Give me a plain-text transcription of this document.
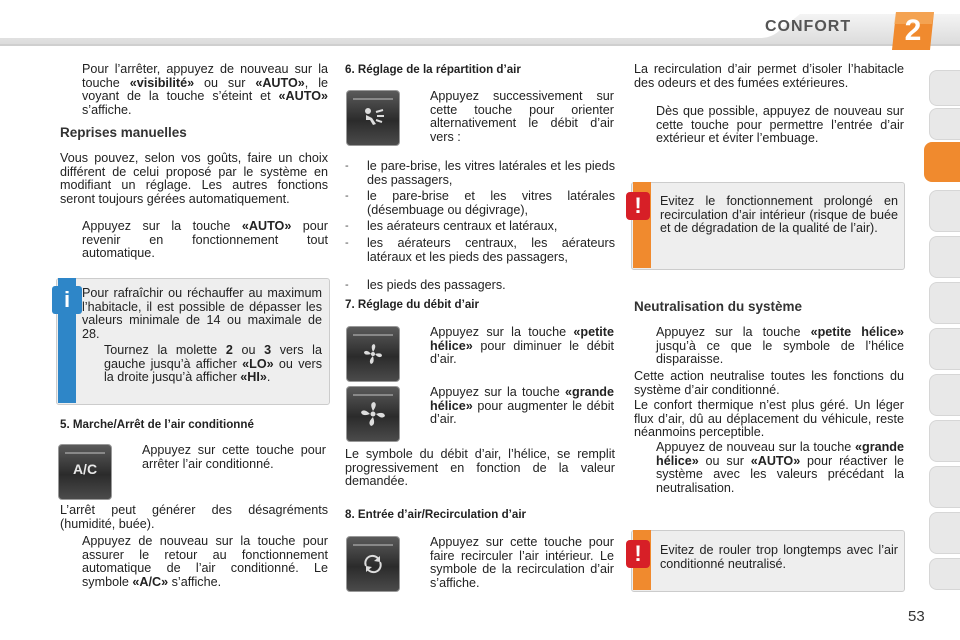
CONFORT	2
Pour l’arrêter, appuyez de nouveau sur la touche «visibilité» ou sur «AUTO», le voyant de la touche s’éteint et «AUTO» s’affiche.
Reprises manuelles
Vous pouvez, selon vos goûts, faire un choix différent de celui proposé par le système en modifiant un réglage. Les autres fonctions seront toujours gérées automatiquement.
Appuyez sur la touche «AUTO» pour revenir en fonctionnement tout automatique.
i Pour rafraîchir ou réchauffer au maximum l’habitacle, il est possible de dépasser les valeurs minimale de 14 ou maximale de 28.
Tournez la molette 2 ou 3 vers la gauche jusqu’à afficher «LO» ou vers la droite jusqu’à afficher «HI».
5. Marche/Arrêt de l’air conditionné
A/C
Appuyez sur cette touche pour arrêter l’air conditionné.
L’arrêt peut générer des désagréments (humidité, buée).
Appuyez de nouveau sur la touche pour assurer le retour au fonctionnement automatique de l’air conditionné. Le symbole «A/C» s’affiche.
6. Réglage de la répartition d’air
Appuyez successivement sur cette touche pour orienter alternativement le débit d’air vers :
- le pare-brise, les vitres latérales et les pieds des passagers,
- le pare-brise et les vitres latérales (désembuage ou dégivrage),
- les aérateurs centraux et latéraux,
- les aérateurs centraux, les aérateurs latéraux et les pieds des passagers,
- les pieds des passagers.
7. Réglage du débit d’air
Appuyez sur la touche «petite hélice» pour diminuer le débit d’air.
Appuyez sur la touche «grande hélice» pour augmenter le débit d’air.
Le symbole du débit d’air, l’hélice, se remplit progressivement en fonction de la valeur demandée.
8. Entrée d’air/Recirculation d’air
Appuyez sur cette touche pour faire recirculer l’air intérieur. Le symbole de la recirculation d’air s’affiche.
La recirculation d’air permet d’isoler l’habitacle des odeurs et des fumées extérieures.
Dès que possible, appuyez de nouveau sur cette touche pour permettre l’entrée d’air extérieur et éviter l’embuage.
!	Evitez le fonctionnement prolongé en recirculation d’air intérieur (risque de buée et de dégradation de la qualité de l’air).
Neutralisation du système
Appuyez sur la touche «petite hélice» jusqu’à ce que le symbole de l’hélice disparaisse.
Cette action neutralise toutes les fonctions du système d’air conditionné.
Le confort thermique n’est plus géré. Un léger flux d’air, dû au déplacement du véhicule, reste néanmoins perceptible.
Appuyez de nouveau sur la touche «grande hélice» ou sur «AUTO» pour réactiver le système avec les valeurs précédant la neutralisation.
!	Evitez de rouler trop longtemps avec l’air conditionné neutralisé.
53
